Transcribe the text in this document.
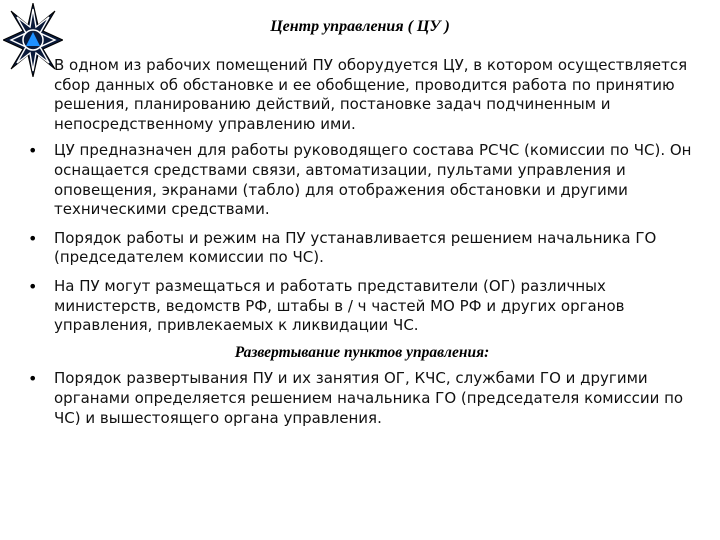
Центр управления ( ЦУ )
В одном из рабочих помещений ПУ оборудуется ЦУ, в котором осуществляется сбор данных об обстановке и ее обобщение, проводится работа по принятию решения, планированию действий, постановке задач подчиненным и непосредственному управлению ими.
• ЦУ предназначен для работы руководящего состава РСЧС (комиссии по ЧС). Он оснащается средствами связи, автоматизации, пультами управления и оповещения, экранами (табло) для отображения обстановки и другими техническими средствами.
• Порядок работы и режим на ПУ устанавливается решением начальника ГО (председателем комиссии по ЧС).
• На ПУ могут размещаться и работать представители (ОГ) различных министерств, ведомств РФ, штабы в / ч частей МО РФ и других органов управления, привлекаемых к ликвидации ЧС.
Развертывание пунктов управления:
• Порядок развертывания ПУ и их занятия ОГ, КЧС, службами ГО и другими органами определяется решением начальника ГО (председателя комиссии по ЧС) и вышестоящего органа управления.
